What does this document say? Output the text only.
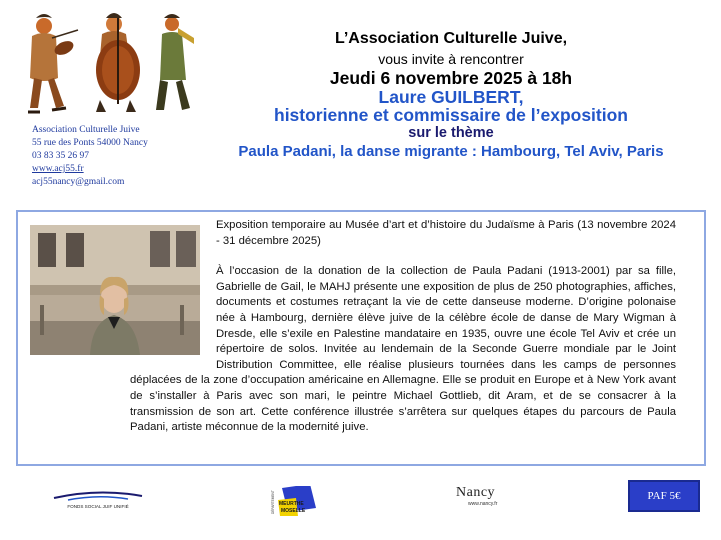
Association Culturelle Juive
55 rue des Ponts 54000 Nancy
03 83 35 26 97
www.acj55.fr
acj55nancy@gmail.com
L’Association Culturelle Juive,
vous invite à rencontrer
Jeudi 6 novembre 2025 à 18h
Laure GUILBERT,
historienne et commissaire de l’exposition
sur le thème
Paula Padani, la danse migrante : Hambourg, Tel Aviv, Paris

Exposition temporaire au Musée d’art et d’histoire du Judaïsme à Paris (13 novembre 2024 - 31 décembre 2025)

À l’occasion de la donation de la collection de Paula Padani (1913-2001) par sa fille, Gabrielle de Gail, le MAHJ présente une exposition de plus de 250 photographies, affiches, documents et costumes retraçant la vie de cette danseuse moderne. D’origine polonaise née à Hambourg, dernière élève juive de la célèbre école de danse de Mary Wigman à Dresde, elle s’exile en Palestine mandataire en 1935, ouvre une école Tel Aviv et crée un répertoire de solos. Invitée au lendemain de la Seconde Guerre mondiale par le Joint Distribution Committee, elle réalise plusieurs tournées dans les camps de personnes déplacées de la zone d’occupation américaine en Allemagne. Elle se produit en Europe et à New York avant de s’installer à Paris avec son mari, le peintre Michael Gottlieb, dit Aram, et de se consacrer à la transmission de son art. Cette conférence illustrée s’arrêtera sur quelques étapes du parcours de Paula Padani, artiste méconnue de la modernité juive.

FONDS SOCIAL JUIF UNIFIÉ	DÉPARTEMENT MEURTHE
MOSELLE
Nancy
www.nancy.fr
PAF 5€
